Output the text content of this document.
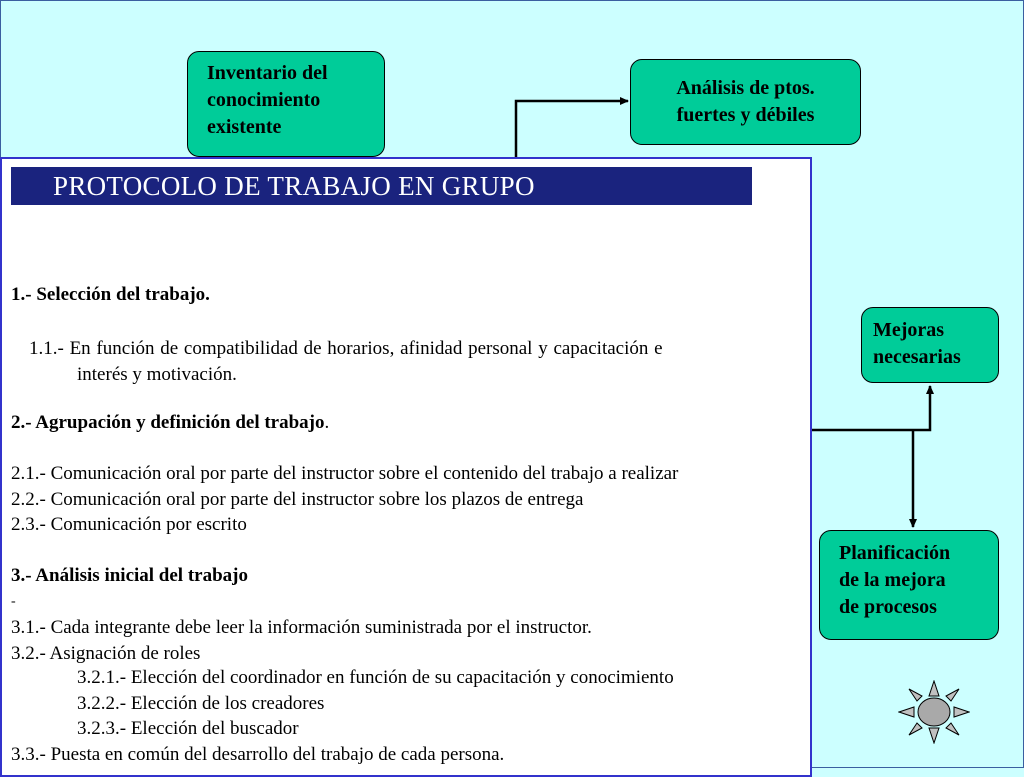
Inventario del
conocimiento
existente
Análisis de ptos.
fuertes y débiles
Mejoras
necesarias
Planificación
de la mejora
de procesos
PROTOCOLO DE TRABAJO EN GRUPO
1.- Selección del trabajo.
1.1.- En función de compatibilidad de horarios, afinidad personal y capacitación e
interés y motivación.
2.- Agrupación y definición del trabajo.
2.1.- Comunicación oral por parte del instructor sobre el contenido del trabajo a realizar
2.2.- Comunicación oral por parte del instructor sobre los plazos de entrega
2.3.- Comunicación por escrito
3.- Análisis inicial del trabajo
-
3.1.- Cada integrante debe leer la información suministrada por el instructor.
3.2.- Asignación de roles
3.2.1.- Elección del coordinador en función de su capacitación y conocimiento
3.2.2.- Elección de los creadores
3.2.3.- Elección del buscador
3.3.- Puesta en común del desarrollo del trabajo de cada persona.
